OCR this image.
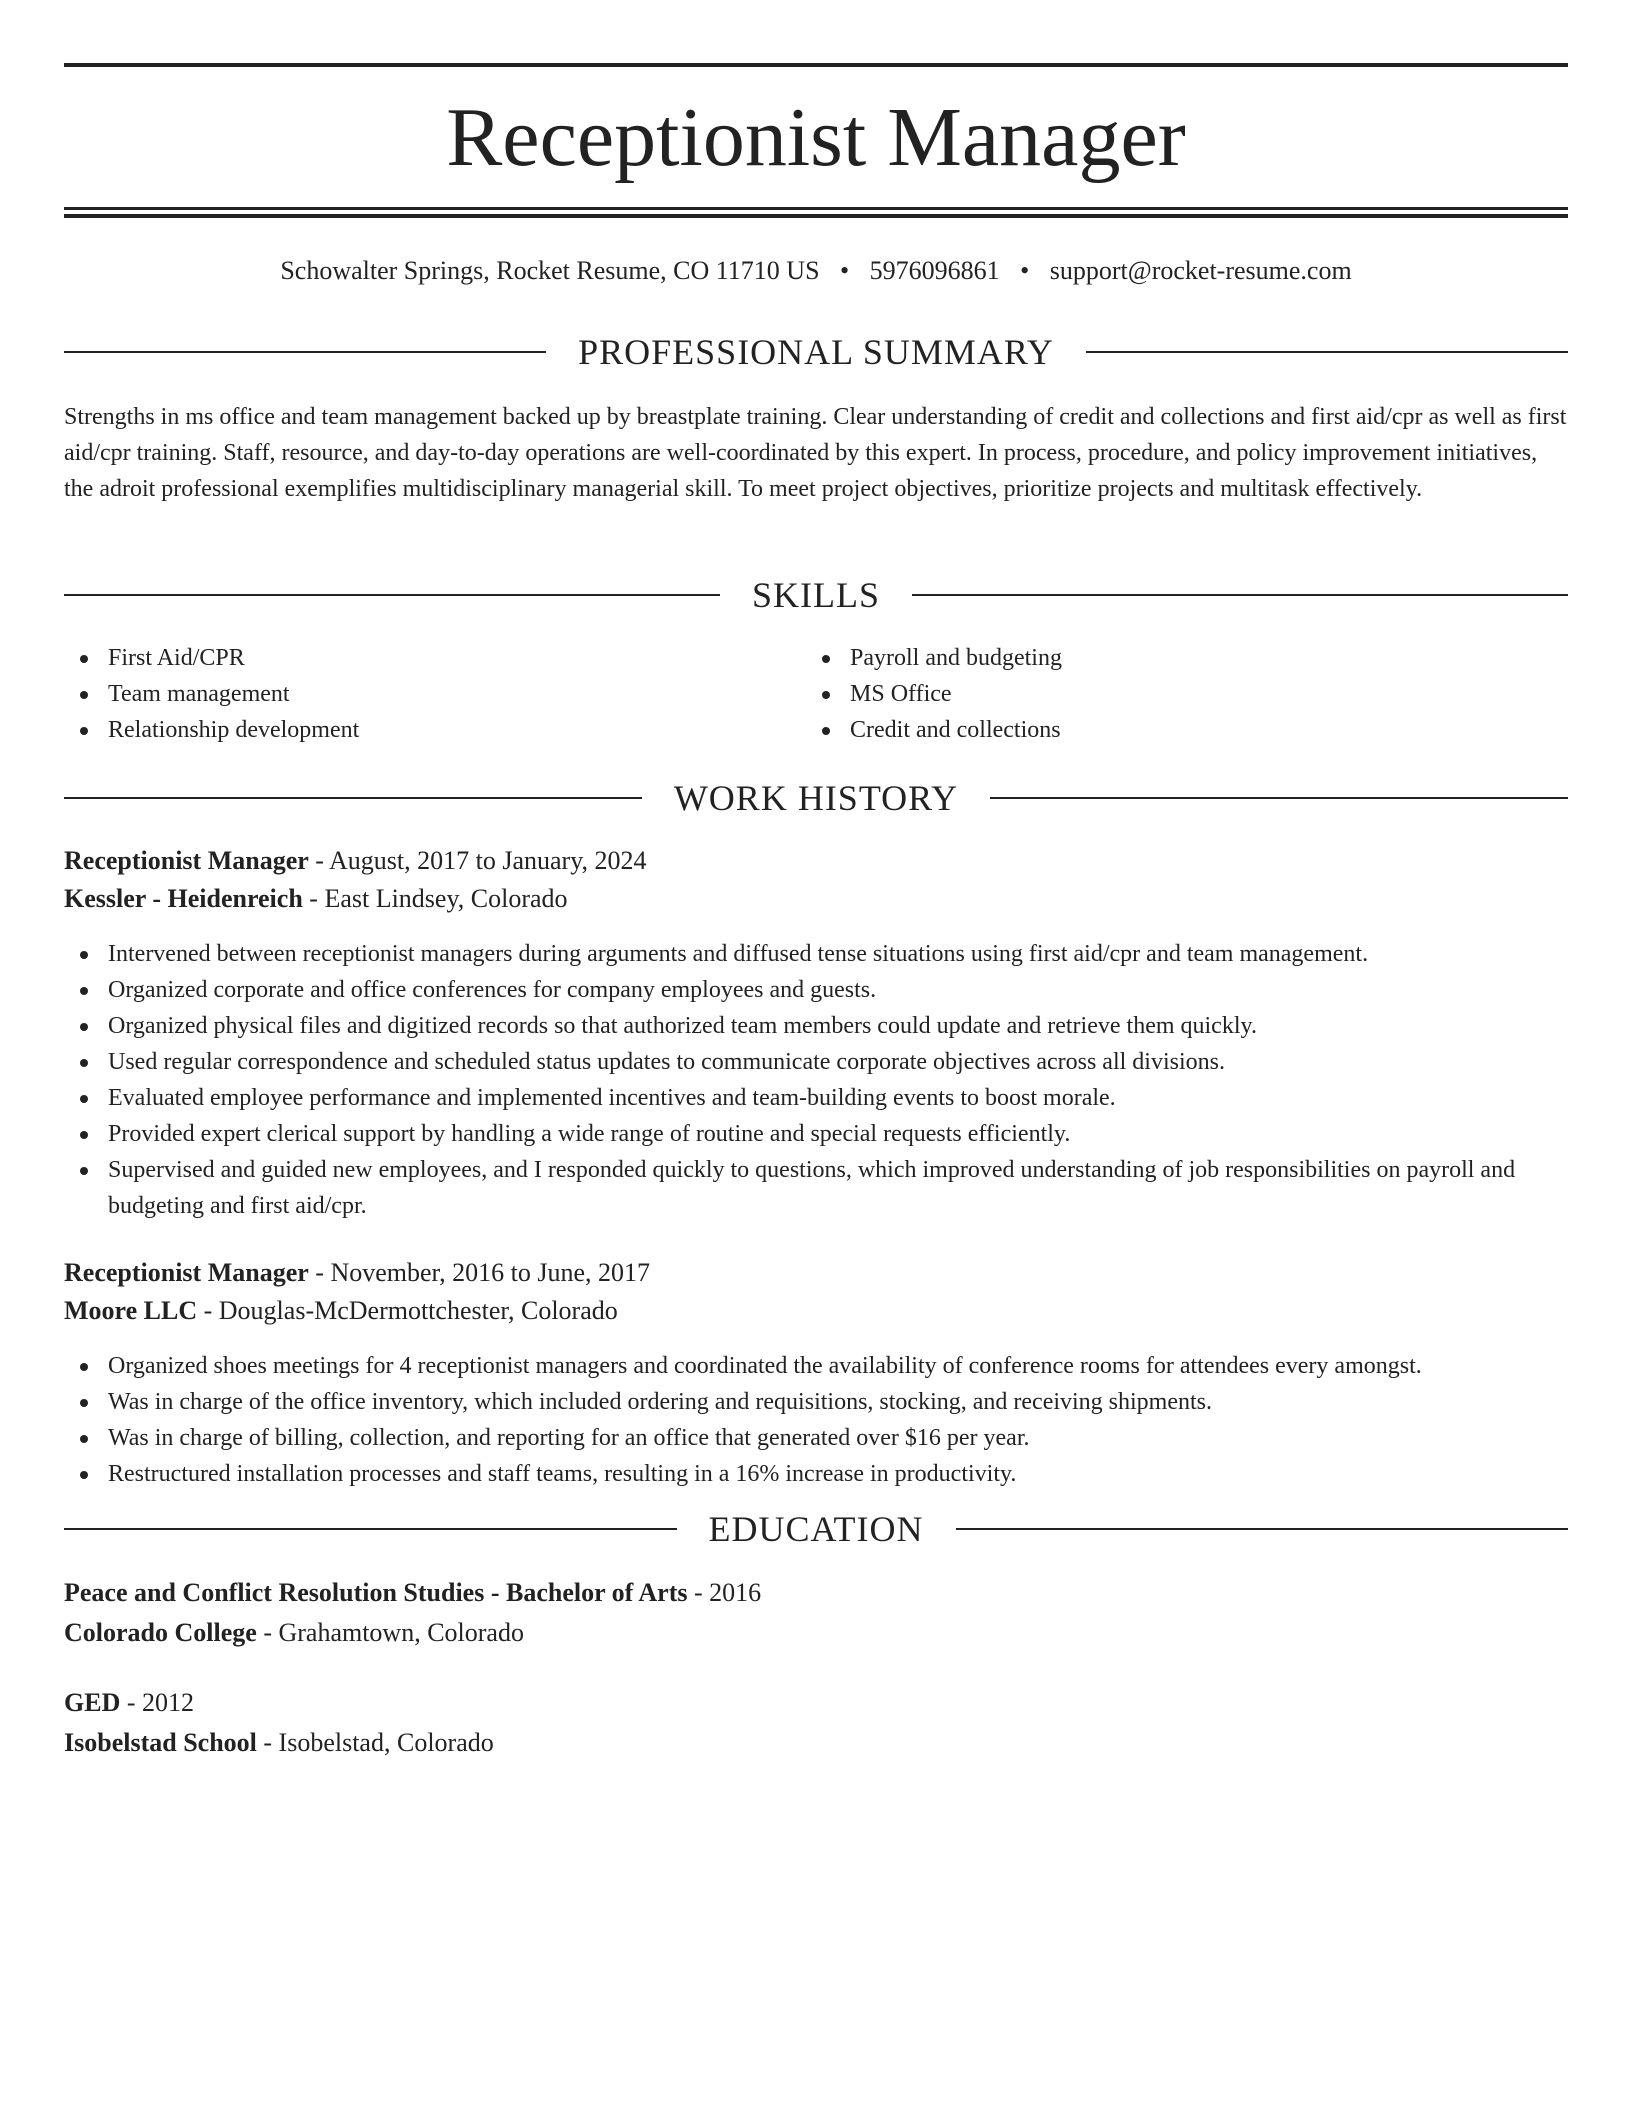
Receptionist Manager
Schowalter Springs, Rocket Resume, CO 11710 US • 5976096861 • support@rocket-resume.com
PROFESSIONAL SUMMARY

Strengths in ms office and team management backed up by breastplate training. Clear understanding of credit and collections and first aid/cpr as well as first aid/cpr training. Staff, resource, and day-to-day operations are well-coordinated by this expert. In process, procedure, and policy improvement initiatives, the adroit professional exemplifies multidisciplinary managerial skill. To meet project objectives, prioritize projects and multitask effectively.

SKILLS
First Aid/CPR
Team management
Relationship development
Payroll and budgeting
MS Office
Credit and collections
WORK HISTORY
Receptionist Manager - August, 2017 to January, 2024
Kessler - Heidenreich - East Lindsey, Colorado
Intervened between receptionist managers during arguments and diffused tense situations using first aid/cpr and team management.
Organized corporate and office conferences for company employees and guests.
Organized physical files and digitized records so that authorized team members could update and retrieve them quickly.
Used regular correspondence and scheduled status updates to communicate corporate objectives across all divisions.
Evaluated employee performance and implemented incentives and team-building events to boost morale.
Provided expert clerical support by handling a wide range of routine and special requests efficiently.
Supervised and guided new employees, and I responded quickly to questions, which improved understanding of job responsibilities on payroll and budgeting and first aid/cpr.
Receptionist Manager - November, 2016 to June, 2017
Moore LLC - Douglas-McDermottchester, Colorado
Organized shoes meetings for 4 receptionist managers and coordinated the availability of conference rooms for attendees every amongst.
Was in charge of the office inventory, which included ordering and requisitions, stocking, and receiving shipments.
Was in charge of billing, collection, and reporting for an office that generated over $16 per year.
Restructured installation processes and staff teams, resulting in a 16% increase in productivity.
EDUCATION
Peace and Conflict Resolution Studies - Bachelor of Arts - 2016
Colorado College - Grahamtown, Colorado
GED - 2012
Isobelstad School - Isobelstad, Colorado
